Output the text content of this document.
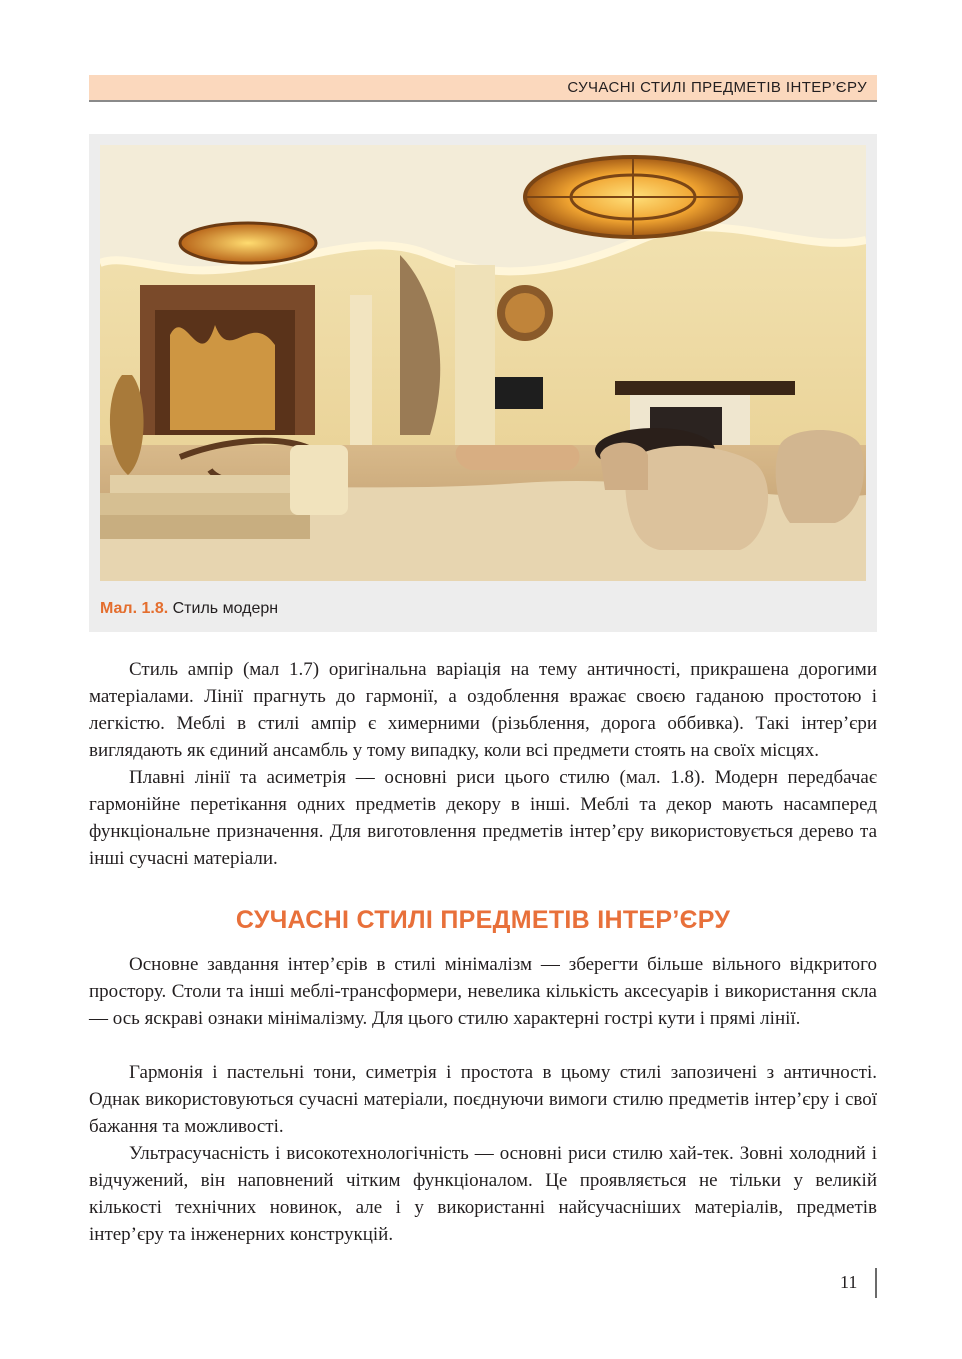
СУЧАСНІ СТИЛІ ПРЕДМЕТІВ ІНТЕР’ЄРУ
Мал. 1.8. Стиль модерн

Стиль ампір (мал 1.7) оригінальна варіація на тему античності, прикрашена дорогими матеріалами. Лінії прагнуть до гармонії, а оздоблення вражає своєю гаданою простотою і легкістю. Меблі в стилі ампір є химерними (різьблення, дорога оббивка). Такі інтер’єри виглядають як єдиний ансамбль у тому випадку, коли всі предмети стоять на своїх місцях.

Плавні лінії та асиметрія — основні риси цього стилю (мал. 1.8). Модерн передбачає гармонійне перетікання одних предметів декору в інші. Меблі та декор мають насамперед функціональне призначення. Для виготовлення предметів інтер’єру використовується дерево та інші сучасні матеріали.

СУЧАСНІ СТИЛІ ПРЕДМЕТІВ ІНТЕР’ЄРУ

Основне завдання інтер’єрів в стилі мінімалізм — зберегти більше вільного відкритого простору. Столи та інші меблі-трансформери, невелика кількість аксесуарів і використання скла — ось яскраві ознаки мінімалізму. Для цього стилю характерні гострі кути і прямі лінії.

Гармонія і пастельні тони, симетрія і простота в цьому стилі запозичені з античності. Однак використовуються сучасні матеріали, поєднуючи вимоги стилю предметів інтер’єру і свої бажання та можливості.

Ультрасучасність і високотехнологічність — основні риси стилю хай-тек. Зовні холодний і відчужений, він наповнений чітким функціоналом. Це проявляється не тільки у великій кількості технічних новинок, але і у використанні найсучасніших матеріалів, предметів інтер’єру та інженерних конструкцій.

11
